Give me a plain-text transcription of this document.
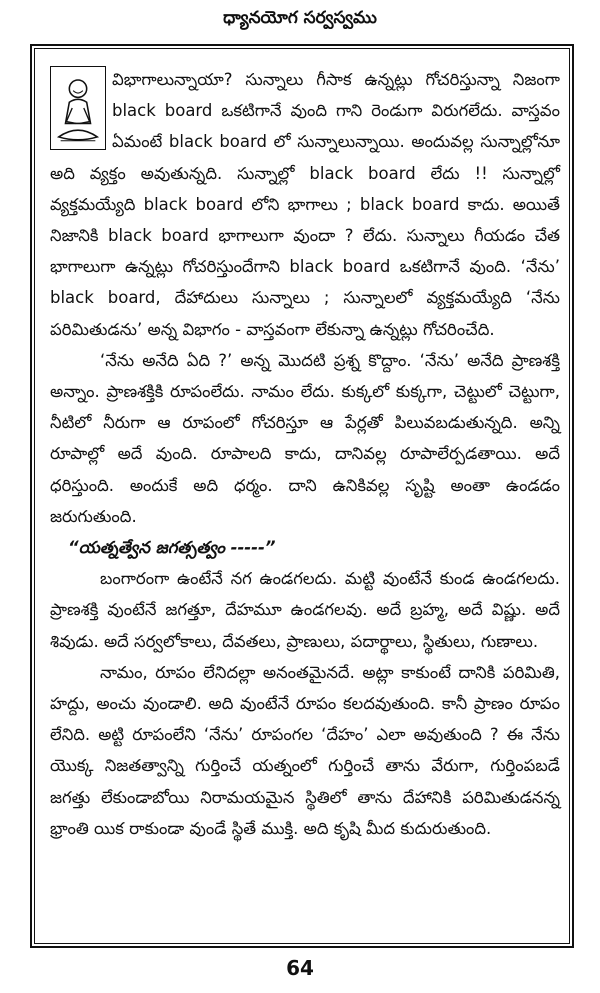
ధ్యానయోగ సర్వస్వము

విభాగాలున్నాయా? సున్నాలు గీసాక ఉన్నట్లు గోచరిస్తున్నా నిజంగా black board ఒకటిగానే వుంది గాని రెండుగా విరుగలేదు. వాస్తవం ఏమంటే black board లో సున్నాలున్నాయి. అందువల్ల సున్నాల్లోనూ అది వ్యక్తం అవుతున్నది. సున్నాల్లో black board లేదు !! సున్నాల్లో వ్యక్తమయ్యేది black board లోని భాగాలు ; black board కాదు. అయితే నిజానికి black board భాగాలుగా వుందా ? లేదు. సున్నాలు గీయడం చేత భాగాలుగా ఉన్నట్లు గోచరిస్తుందేగాని black board ఒకటిగానే వుంది. ‘నేను’ black board, దేహాదులు సున్నాలు ; సున్నాలలో వ్యక్తమయ్యేది ‘నేను పరిమితుడను’ అన్న విభాగం - వాస్తవంగా లేకున్నా ఉన్నట్లు గోచరించేది.

‘నేను అనేది ఏది ?’ అన్న మొదటి ప్రశ్న కొద్దాం. ‘నేను’ అనేది ప్రాణశక్తి అన్నాం. ప్రాణశక్తికి రూపంలేదు. నామం లేదు. కుక్కలో కుక్కగా, చెట్టులో చెట్టుగా, నీటిలో నీరుగా ఆ రూపంలో గోచరిస్తూ ఆ పేర్లతో పిలువబడుతున్నది. అన్ని రూపాల్లో అదే వుంది. రూపాలది కాదు, దానివల్ల రూపాలేర్పడతాయి. అదే ధరిస్తుంది. అందుకే అది ధర్మం. దాని ఉనికివల్ల సృష్టి అంతా ఉండడం జరుగుతుంది.

“యత్నత్వేన జగత్సత్వం -----”

బంగారంగా ఉంటేనే నగ ఉండగలదు. మట్టి వుంటేనే కుండ ఉండగలదు. ప్రాణశక్తి వుంటేనే జగత్తూ, దేహమూ ఉండగలవు. అదే బ్రహ్మ, అదే విష్ణు. అదే శివుడు. అదే సర్వలోకాలు, దేవతలు, ప్రాణులు, పదార్థాలు, స్థితులు, గుణాలు.

నామం, రూపం లేనిదల్లా అనంతమైనదే. అట్లా కాకుంటే దానికి పరిమితి, హద్దు, అంచు వుండాలి. అది వుంటేనే రూపం కలదవుతుంది. కానీ ప్రాణం రూపం లేనిది. అట్టి రూపంలేని ‘నేను’ రూపంగల ‘దేహం’ ఎలా అవుతుంది ? ఈ నేను యొక్క నిజతత్వాన్ని గుర్తించే యత్నంలో గుర్తించే తాను వేరుగా, గుర్తింపబడే జగత్తు లేకుండాబోయి నిరామయమైన స్థితిలో తాను దేహానికి పరిమితుడనన్న భ్రాంతి యిక రాకుండా వుండే స్థితే ముక్తి. అది కృషి మీద కుదురుతుంది.

64
